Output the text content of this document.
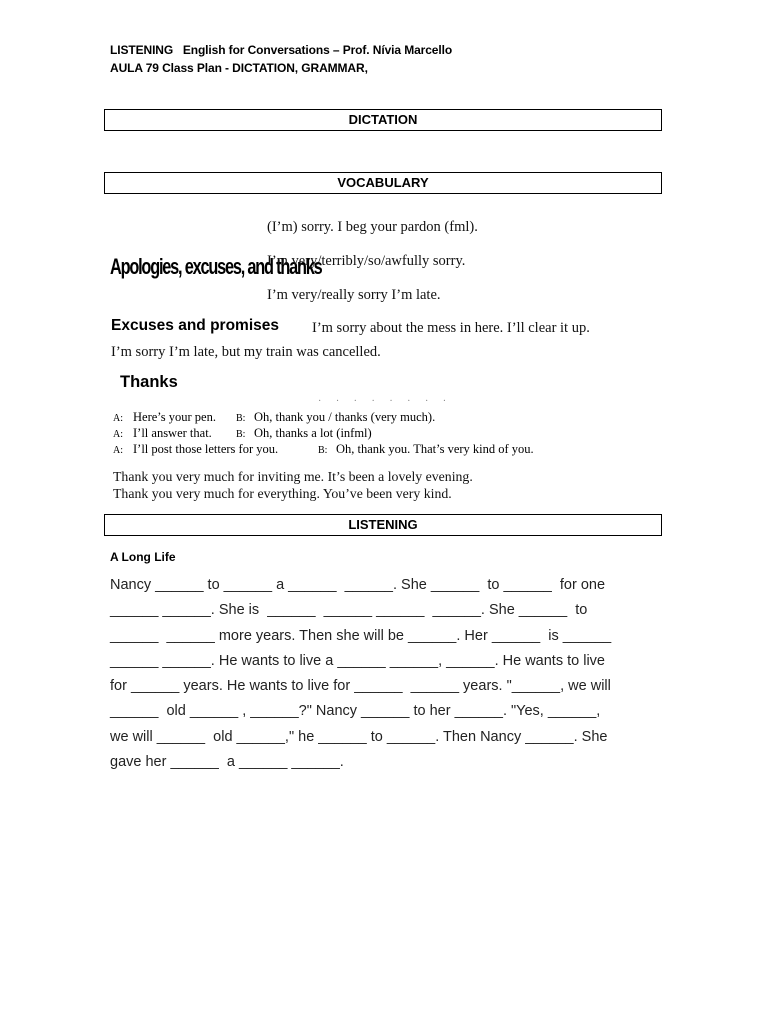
LISTENING English for Conversations – Prof. Nívia Marcello
AULA 79 Class Plan - DICTATION, GRAMMAR,
DICTATION
VOCABULARY
Apologies, excuses, and thanks
(I’m) sorry. I beg your pardon (fml).
I’m very/terribly/so/awfully sorry.
I’m very/really sorry I’m late.
Excuses and promises I’m sorry about the mess in here. I’ll clear it up.
I’m sorry I’m late, but my train was cancelled.
Thanks
· · · · · · · ·
A: Here’s your pen. B: Oh, thank you / thanks (very much).
A: I’ll answer that. B: Oh, thanks a lot (infml)
A: I’ll post those letters for you.	B: Oh, thank you. That’s very kind of you.
Thank you very much for inviting me. It’s been a lovely evening.
Thank you very much for everything. You’ve been very kind.
LISTENING
A Long Life
Nancy ______ to ______ a ______  ______. She ______  to ______  for one
______ ______. She is  ______  ______ ______  ______. She ______  to
______  ______ more years. Then she will be ______. Her ______  is ______
______ ______. He wants to live a ______ ______, ______. He wants to live
for ______ years. He wants to live for ______  ______ years. "______, we will
______  old ______ , ______?" Nancy ______ to her ______. "Yes, ______,
we will ______  old ______," he ______ to ______. Then Nancy ______. She
gave her ______  a ______ ______.
